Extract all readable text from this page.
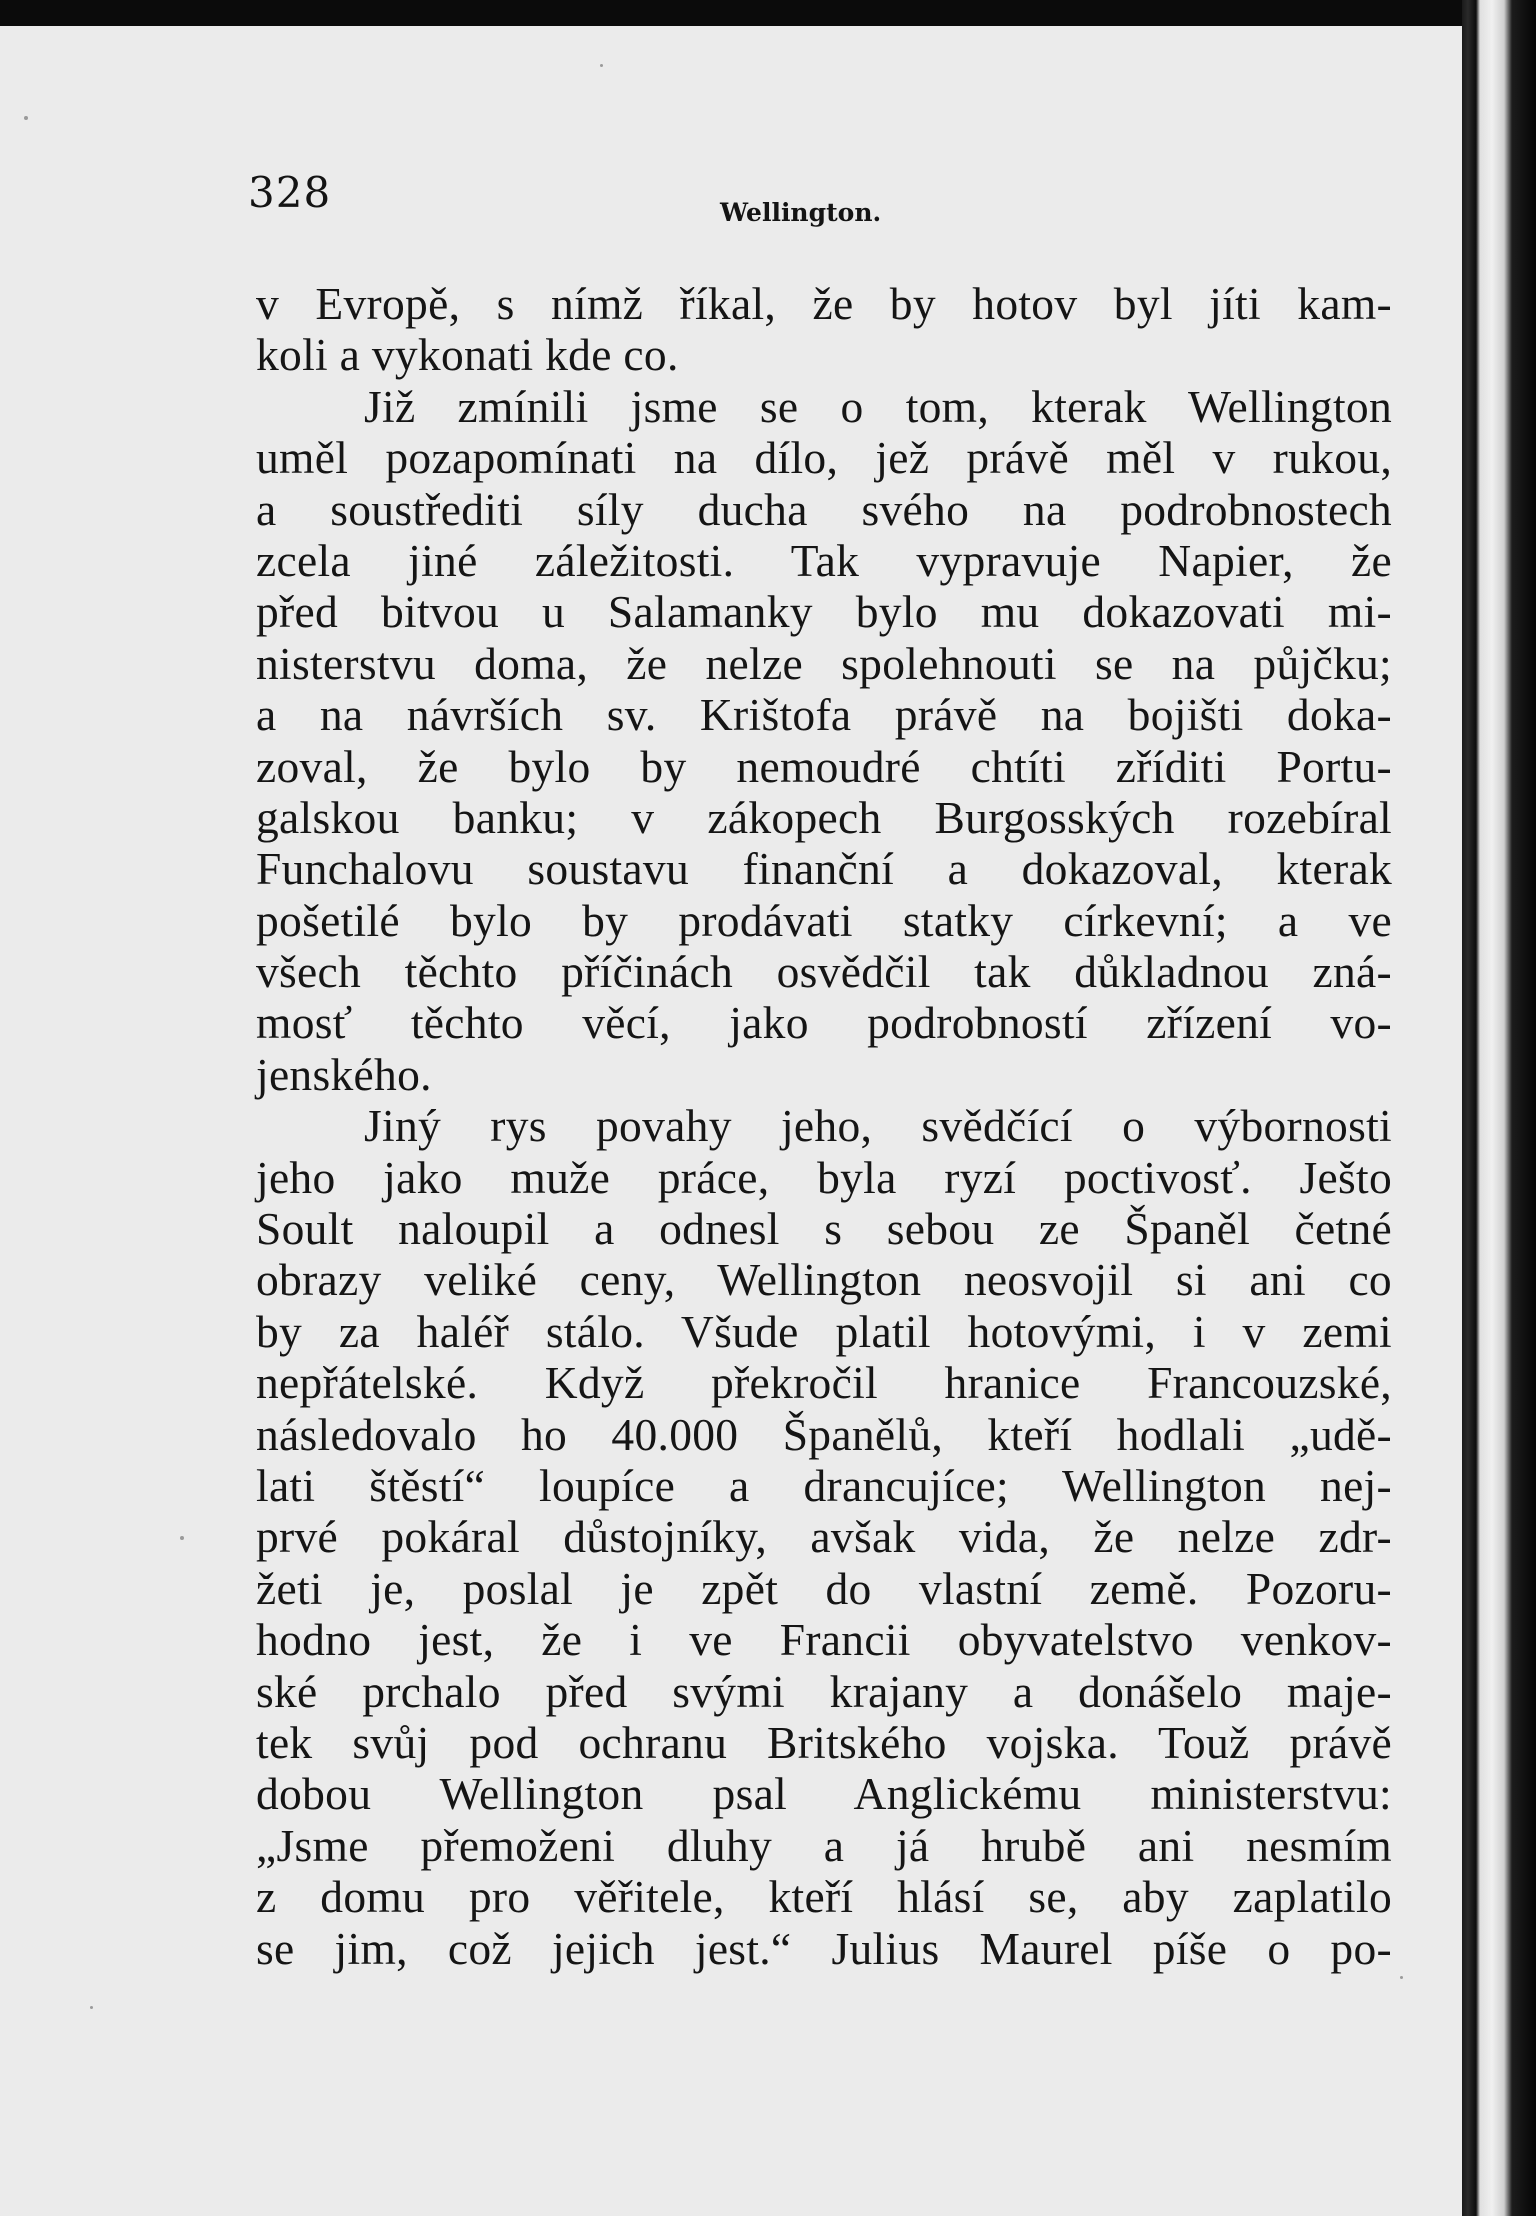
328	Wellington.
v Evropě, s nímž říkal, že by hotov byl jíti kam-
koli a vykonati kde co.
Již zmínili jsme se o tom, kterak Wellington
uměl pozapomínati na dílo, jež právě měl v rukou,
a soustřediti síly ducha svého na podrobnostech
zcela jiné záležitosti. Tak vypravuje Napier, že
před bitvou u Salamanky bylo mu dokazovati mi-
nisterstvu doma, že nelze spolehnouti se na půjčku;
a na návrších sv. Krištofa právě na bojišti doka-
zoval, že bylo by nemoudré chtíti zříditi Portu-
galskou banku; v zákopech Burgosských rozebíral
Funchalovu soustavu finanční a dokazoval, kterak
pošetilé bylo by prodávati statky církevní; a ve
všech těchto příčinách osvědčil tak důkladnou zná-
mosť těchto věcí, jako podrobností zřízení vo-
jenského.
Jiný rys povahy jeho, svědčící o výbornosti
jeho jako muže práce, byla ryzí poctivosť. Ješto
Soult naloupil a odnesl s sebou ze Španěl četné
obrazy veliké ceny, Wellington neosvojil si ani co
by za haléř stálo. Všude platil hotovými, i v zemi
nepřátelské. Když překročil hranice Francouzské,
následovalo ho 40.000 Španělů, kteří hodlali „udě-
lati štěstí“ loupíce a drancujíce; Wellington nej-
prvé pokáral důstojníky, avšak vida, že nelze zdr-
žeti je, poslal je zpět do vlastní země. Pozoru-
hodno jest, že i ve Francii obyvatelstvo venkov-
ské prchalo před svými krajany a donášelo maje-
tek svůj pod ochranu Britského vojska. Touž právě
dobou Wellington psal Anglickému ministerstvu:
„Jsme přemoženi dluhy a já hrubě ani nesmím
z domu pro věřitele, kteří hlásí se, aby zaplatilo
se jim, což jejich jest.“ Julius Maurel píše o po-
